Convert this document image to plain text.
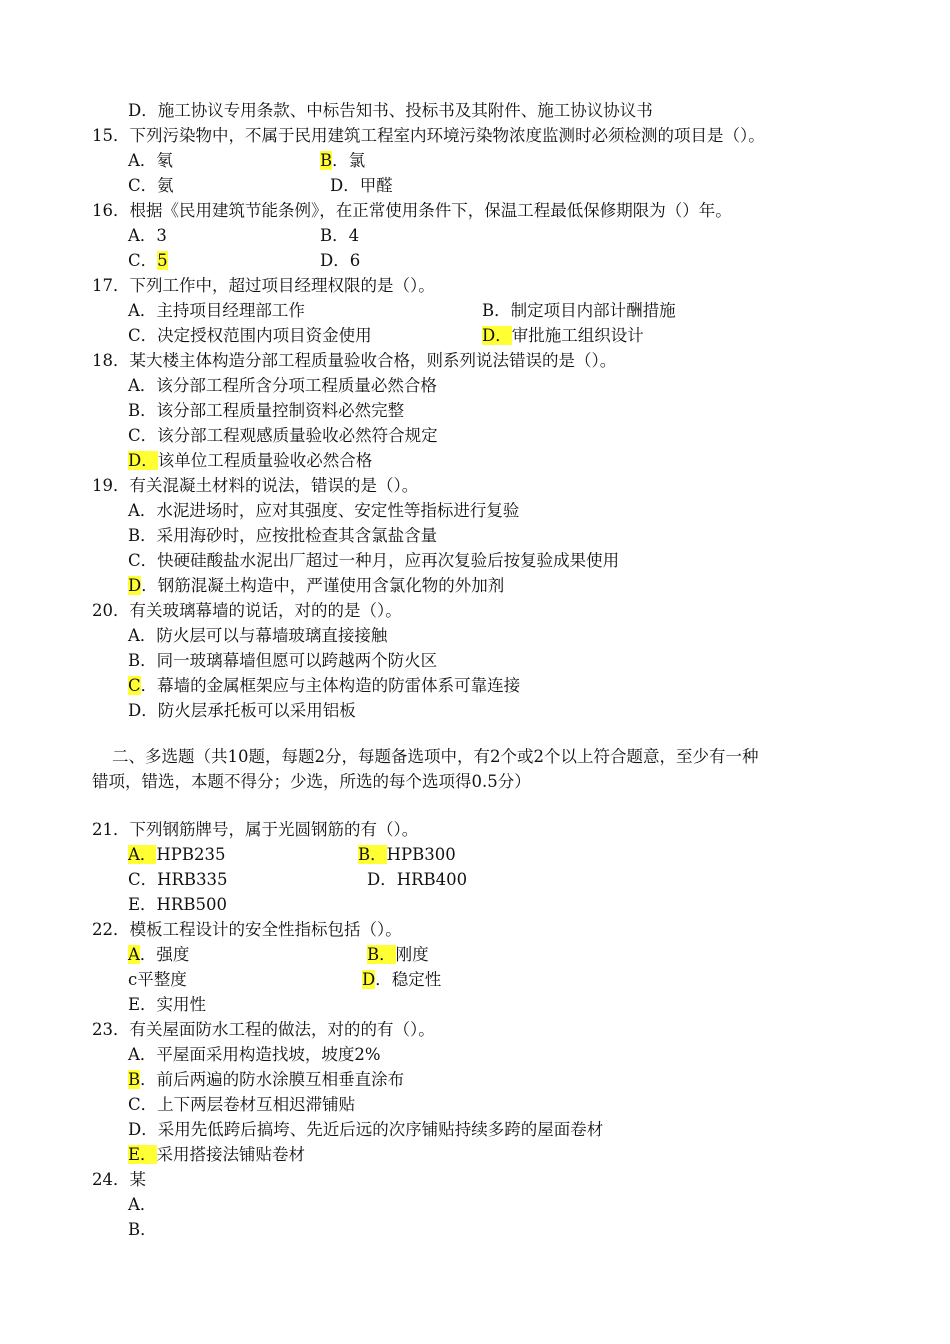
D．施工协议专用条款、中标告知书、投标书及其附件、施工协议协议书
15．下列污染物中，不属于民用建筑工程室内环境污染物浓度监测时必须检测的项目是（）。
A．氡	B．氯
C．氨	D．甲醛
16．根据《民用建筑节能条例》，在正常使用条件下，保温工程最低保修期限为（）年。
A．3	B．4
C．5	D．6
17．下列工作中，超过项目经理权限的是（）。
A．主持项目经理部工作	B．制定项目内部计酬措施
C．决定授权范围内项目资金使用	D．审批施工组织设计
18．某大楼主体构造分部工程质量验收合格，则系列说法错误的是（）。
A．该分部工程所含分项工程质量必然合格
B．该分部工程质量控制资料必然完整
C．该分部工程观感质量验收必然符合规定
D．该单位工程质量验收必然合格
19．有关混凝土材料的说法，错误的是（）。
A．水泥进场时，应对其强度、安定性等指标进行复验
B．采用海砂时，应按批检查其含氯盐含量
C．快硬硅酸盐水泥出厂超过一种月，应再次复验后按复验成果使用
D．钢筋混凝土构造中，严谨使用含氯化物的外加剂
20．有关玻璃幕墙的说话，对的的是（）。
A．防火层可以与幕墙玻璃直接接触
B．同一玻璃幕墙但愿可以跨越两个防火区
C．幕墙的金属框架应与主体构造的防雷体系可靠连接
D．防火层承托板可以采用铝板
二、多选题（共10题，每题2分，每题备选项中，有2个或2个以上符合题意，至少有一种
错项，错选，本题不得分；少选，所选的每个选项得0.5分）
21．下列钢筋牌号，属于光圆钢筋的有（）。
A．HPB235	B．HPB300
C．HRB335	D．HRB400
E．HRB500
22．模板工程设计的安全性指标包括（）。
A．强度	B．刚度
c平整度	D．稳定性
E．实用性
23．有关屋面防水工程的做法，对的的有（）。
A．平屋面采用构造找坡，坡度2%
B．前后两遍的防水涂膜互相垂直涂布
C．上下两层卷材互相迟滞铺贴
D．采用先低跨后搞垮、先近后远的次序铺贴持续多跨的屋面卷材
E．采用搭接法铺贴卷材
24．某
A．
B．
